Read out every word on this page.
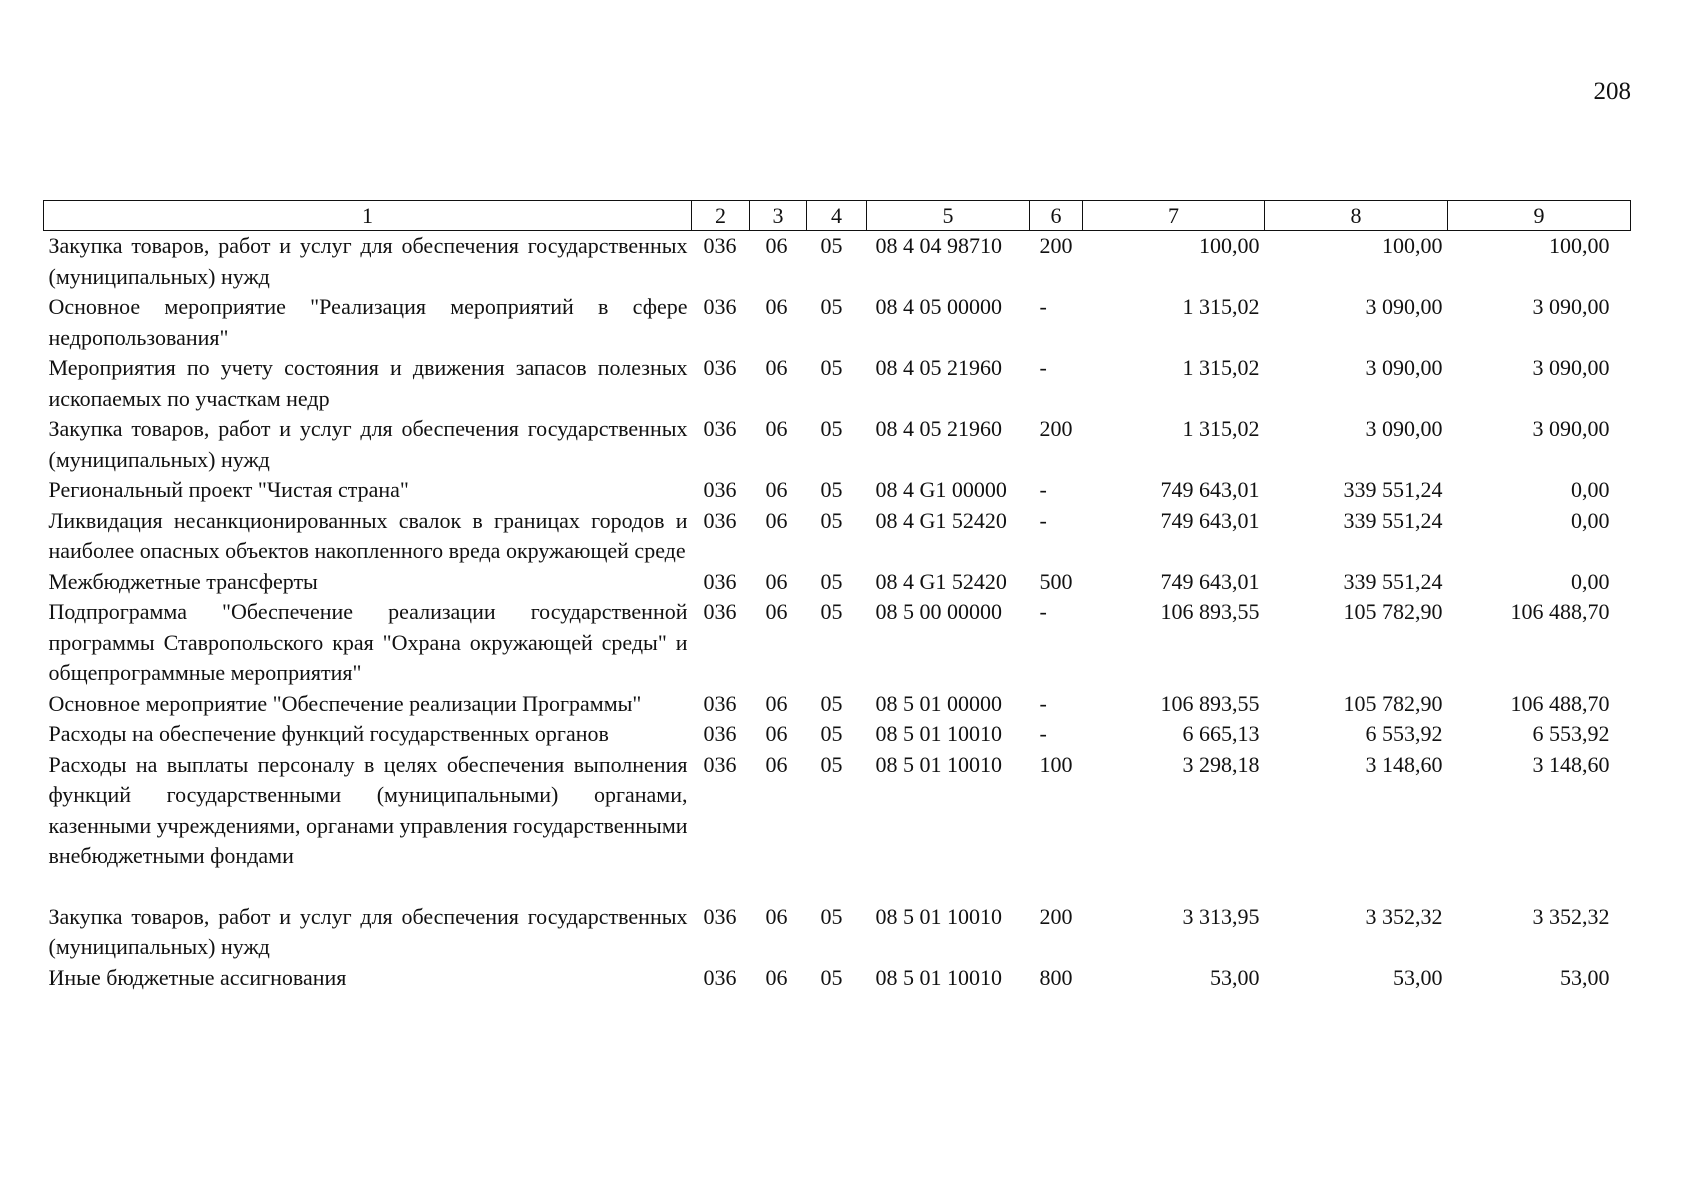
208
1	2	3	4	5	6	7	8	9
Закупка товаров, работ и услуг для обеспечения государственных (муниципальных) нужд	036	06	05	08 4 04 98710	200	100,00	100,00	100,00
Основное мероприятие "Реализация мероприятий в сфере недропользования"	036	06	05	08 4 05 00000	-	1 315,02	3 090,00	3 090,00
Мероприятия по учету состояния и движения запасов полезных ископаемых по участкам недр	036	06	05	08 4 05 21960	-	1 315,02	3 090,00	3 090,00
Закупка товаров, работ и услуг для обеспечения государственных (муниципальных) нужд	036	06	05	08 4 05 21960	200	1 315,02	3 090,00	3 090,00
Региональный проект "Чистая страна"	036	06	05	08 4 G1 00000	-	749 643,01	339 551,24	0,00
Ликвидация несанкционированных свалок в границах городов и наиболее опасных объектов накопленного вреда окружающей среде	036	06	05	08 4 G1 52420	-	749 643,01	339 551,24	0,00
Межбюджетные трансферты	036	06	05	08 4 G1 52420	500	749 643,01	339 551,24	0,00
Подпрограмма "Обеспечение реализации государственной программы Ставропольского края "Охрана окружающей среды" и общепрограммные мероприятия"	036	06	05	08 5 00 00000	-	106 893,55	105 782,90	106 488,70
Основное мероприятие "Обеспечение реализации Программы"	036	06	05	08 5 01 00000	-	106 893,55	105 782,90	106 488,70
Расходы на обеспечение функций государственных органов	036	06	05	08 5 01 10010	-	6 665,13	6 553,92	6 553,92
Расходы на выплаты персоналу в целях обеспечения выполнения функций государственными (муниципальными) органами, казенными учреждениями, органами управления государственными внебюджетными фондами	036	06	05	08 5 01 10010	100	3 298,18	3 148,60	3 148,60
Закупка товаров, работ и услуг для обеспечения государственных (муниципальных) нужд	036	06	05	08 5 01 10010	200	3 313,95	3 352,32	3 352,32
Иные бюджетные ассигнования	036	06	05	08 5 01 10010	800	53,00	53,00	53,00
